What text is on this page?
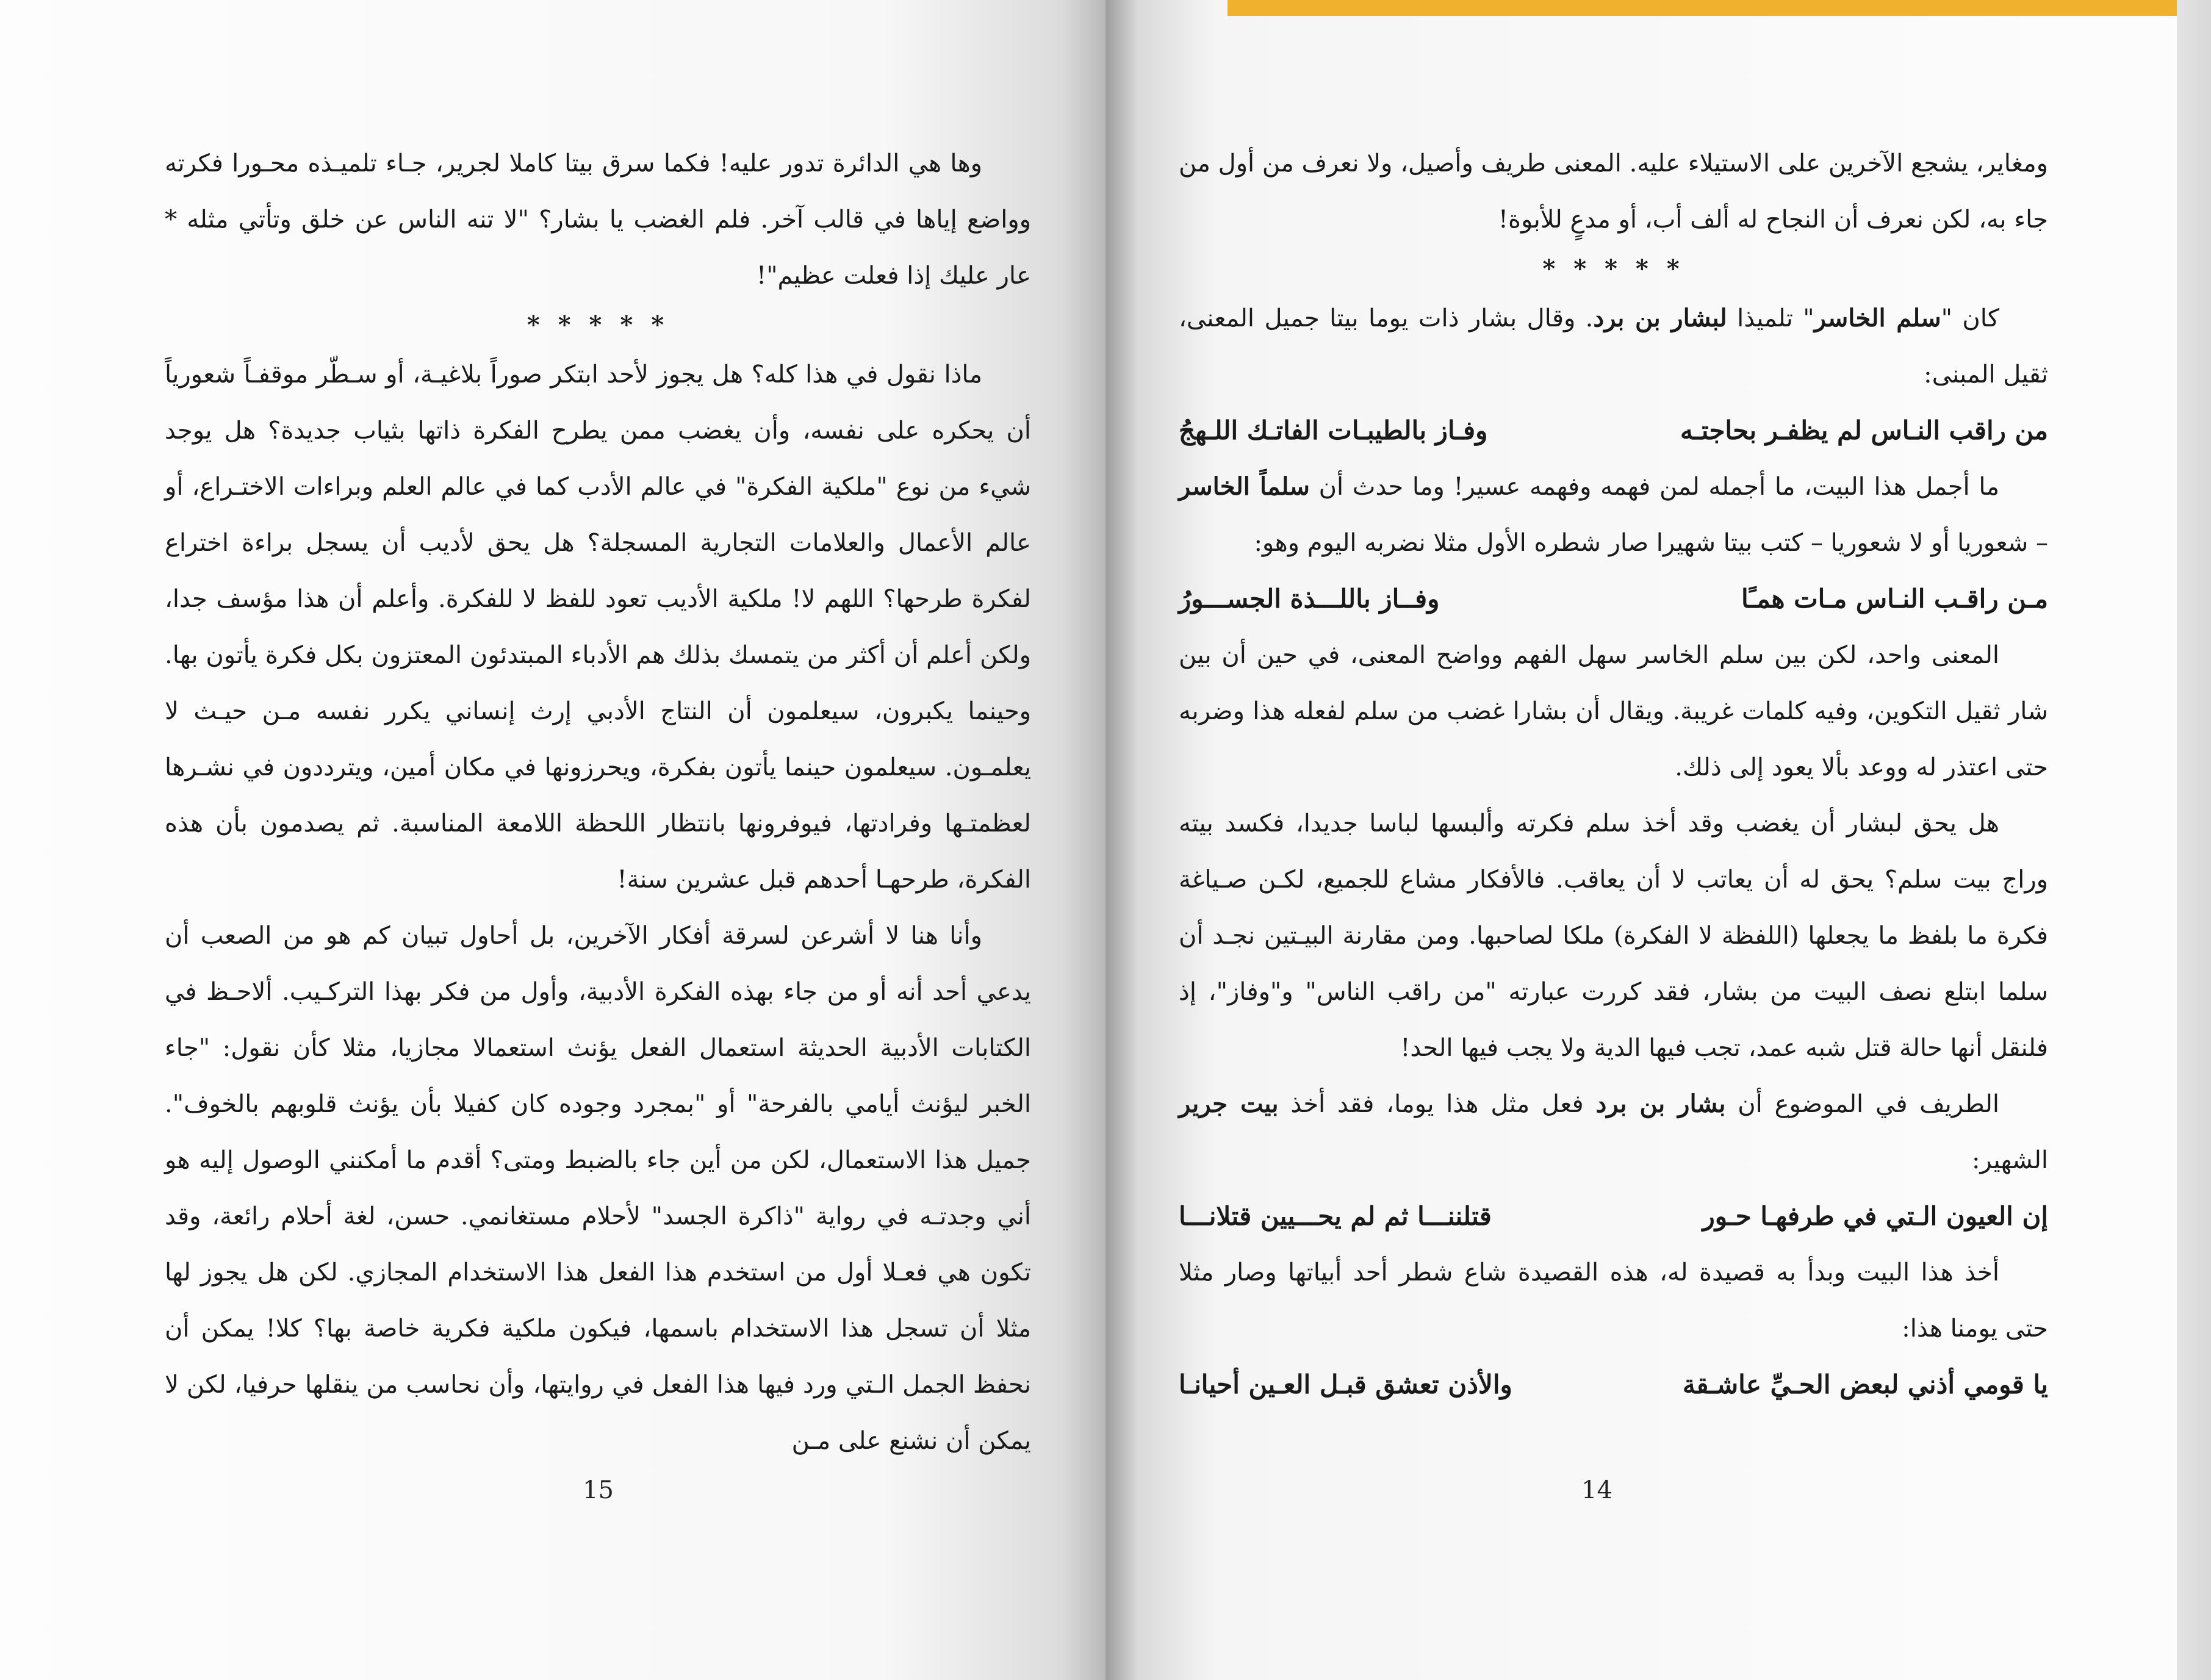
وها هي الدائرة تدور عليه! فكما سرق بيتا كاملا لجرير، جـاء تلميـذه محـورا فكرته وواضع إياها في قالب آخر. فلم الغضب يا بشار؟ "لا تنه الناس عن خلق وتأتي مثله * عار عليك إذا فعلت عظيم"!

* * * * *

ماذا نقول في هذا كله؟ هل يجوز لأحد ابتكر صوراً بلاغيـة، أو سـطّر موقفـاً شعورياً أن يحكره على نفسه، وأن يغضب ممن يطرح الفكرة ذاتها بثياب جديدة؟ هل يوجد شيء من نوع "ملكية الفكرة" في عالم الأدب كما في عالم العلم وبراءات الاختـراع، أو عالم الأعمال والعلامات التجارية المسجلة؟ هل يحق لأديب أن يسجل براءة اختراع لفكرة طرحها؟ اللهم لا! ملكية الأديب تعود للفظ لا للفكرة. وأعلم أن هذا مؤسف جدا، ولكن أعلم أن أكثر من يتمسك بذلك هم الأدباء المبتدئون المعتزون بكل فكرة يأتون بها. وحينما يكبرون، سيعلمون أن النتاج الأدبي إرث إنساني يكرر نفسه مـن حيـث لا يعلمـون. سيعلمون حينما يأتون بفكرة، ويحرزونها في مكان أمين، ويترددون في نشـرها لعظمتـها وفرادتها، فيوفرونها بانتظار اللحظة اللامعة المناسبة. ثم يصدمون بأن هذه الفكرة، طرحهـا أحدهم قبل عشرين سنة!

وأنا هنا لا أشرعن لسرقة أفكار الآخرين، بل أحاول تبيان كم هو من الصعب أن يدعي أحد أنه أو من جاء بهذه الفكرة الأدبية، وأول من فكر بهذا التركـيب. ألاحـظ في الكتابات الأدبية الحديثة استعمال الفعل يؤنث استعمالا مجازيا، مثلا كأن نقول: "جاء الخبر ليؤنث أيامي بالفرحة" أو "بمجرد وجوده كان كفيلا بأن يؤنث قلوبهم بالخوف". جميل هذا الاستعمال، لكن من أين جاء بالضبط ومتى؟ أقدم ما أمكنني الوصول إليه هو أني وجدتـه في رواية "ذاكرة الجسد" لأحلام مستغانمي. حسن، لغة أحلام رائعة، وقد تكون هي فعـلا أول من استخدم هذا الفعل هذا الاستخدام المجازي. لكن هل يجوز لها مثلا أن تسجل هذا الاستخدام باسمها، فيكون ملكية فكرية خاصة بها؟ كلا! يمكن أن نحفظ الجمل الـتي ورد فيها هذا الفعل في روايتها، وأن نحاسب من ينقلها حرفيا، لكن لا يمكن أن نشنع على مـن

15

ومغاير، يشجع الآخرين على الاستيلاء عليه. المعنى طريف وأصيل، ولا نعرف من أول من جاء به، لكن نعرف أن النجاح له ألف أب، أو مدعٍ للأبوة!

* * * * *

كان "سلم الخاسر" تلميذا لبشار بن برد. وقال بشار ذات يوما بيتا جميل المعنى، ثقيل المبنى:

من راقب النـاس لم يظفـر بحاجتـه
وفـاز بالطيبـات الفاتـك اللـهجُ

ما أجمل هذا البيت، ما أجمله لمن فهمه وفهمه عسير! وما حدث أن سلماً الخاسر – شعوريا أو لا شعوريا – كتب بيتا شهيرا صار شطره الأول مثلا نضربه اليوم وهو:

مـن راقـب النـاس مـات همـًا
وفــاز باللـــذة الجســـورُ

المعنى واحد، لكن بين سلم الخاسر سهل الفهم وواضح المعنى، في حين أن بين شار ثقيل التكوين، وفيه كلمات غريبة. ويقال أن بشارا غضب من سلم لفعله هذا وضربه حتى اعتذر له ووعد بألا يعود إلى ذلك.

هل يحق لبشار أن يغضب وقد أخذ سلم فكرته وألبسها لباسا جديدا، فكسد بيته وراج بيت سلم؟ يحق له أن يعاتب لا أن يعاقب. فالأفكار مشاع للجميع، لكـن صـياغة فكرة ما بلفظ ما يجعلها (اللفظة لا الفكرة) ملكا لصاحبها. ومن مقارنة البيـتين نجـد أن سلما ابتلع نصف البيت من بشار، فقد كررت عبارته "من راقب الناس" و"وفاز"، إذ فلنقل أنها حالة قتل شبه عمد، تجب فيها الدية ولا يجب فيها الحد!

الطريف في الموضوع أن بشار بن برد فعل مثل هذا يوما، فقد أخذ بيت جرير الشهير:

إن العيون الـتي في طرفهـا حـور
قتلننـــا ثم لم يحـــيين قتلانـــا

أخذ هذا البيت وبدأ به قصيدة له، هذه القصيدة شاع شطر أحد أبياتها وصار مثلا حتى يومنا هذا:

يا قومي أذني لبعض الحـيِّ عاشـقة
والأذن تعشق قبـل العـين أحيانـا
14
